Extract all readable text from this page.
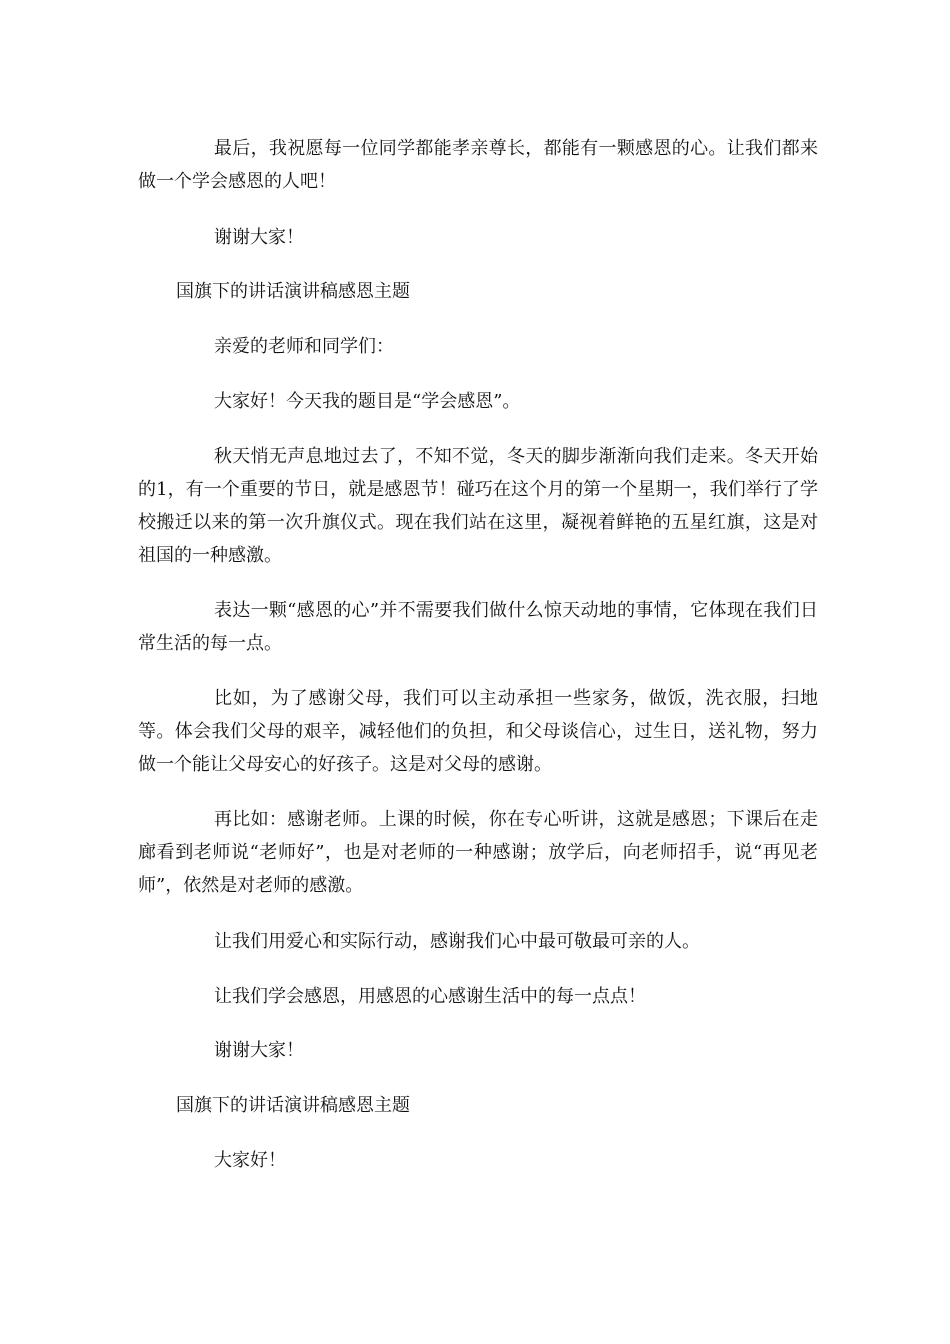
最后，我祝愿每一位同学都能孝亲尊长，都能有一颗感恩的心。让我们都来做一个学会感恩的人吧！

谢谢大家！

国旗下的讲话演讲稿感恩主题

亲爱的老师和同学们：

大家好！今天我的题目是“学会感恩”。

秋天悄无声息地过去了，不知不觉，冬天的脚步渐渐向我们走来。冬天开始的1，有一个重要的节日，就是感恩节！碰巧在这个月的第一个星期一，我们举行了学校搬迁以来的第一次升旗仪式。现在我们站在这里，凝视着鲜艳的五星红旗，这是对祖国的一种感激。

表达一颗“感恩的心”并不需要我们做什么惊天动地的事情，它体现在我们日常生活的每一点。

比如，为了感谢父母，我们可以主动承担一些家务，做饭，洗衣服，扫地等。体会我们父母的艰辛，减轻他们的负担，和父母谈信心，过生日，送礼物，努力做一个能让父母安心的好孩子。这是对父母的感谢。

再比如：感谢老师。上课的时候，你在专心听讲，这就是感恩；下课后在走廊看到老师说“老师好”，也是对老师的一种感谢；放学后，向老师招手，说“再见老师”，依然是对老师的感激。

让我们用爱心和实际行动，感谢我们心中最可敬最可亲的人。

让我们学会感恩，用感恩的心感谢生活中的每一点点！

谢谢大家！

国旗下的讲话演讲稿感恩主题

大家好！
